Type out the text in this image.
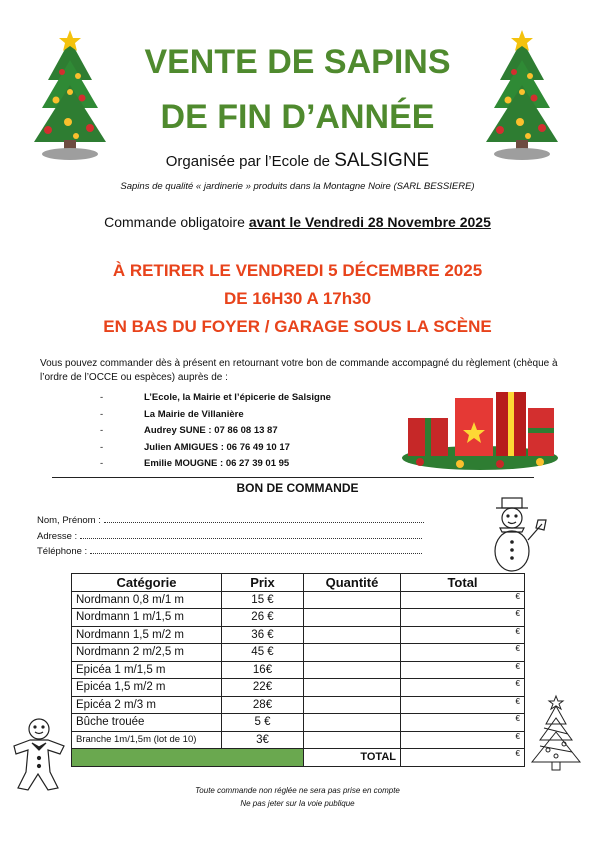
VENTE DE SAPINS
DE FIN D’ANNÉE
Organisée par l’Ecole de SALSIGNE
Sapins de qualité « jardinerie » produits dans la Montagne Noire (SARL BESSIERE)
Commande obligatoire avant le Vendredi 28 Novembre 2025
À RETIRER LE VENDREDI 5 DÉCEMBRE 2025
DE 16H30 A 17h30
EN BAS DU FOYER / GARAGE SOUS LA SCÈNE
Vous pouvez commander dès à présent en retournant votre bon de commande accompagné du règlement (chèque à l’ordre de l’OCCE ou espèces) auprès de :
-	L’Ecole, la Mairie et l’épicerie de Salsigne
-	La Mairie de Villanière
-	Audrey SUNE : 07 86 08 13 87
-	Julien AMIGUES : 06 76 49 10 17
-	Emilie MOUGNE : 06 27 39 01 95
BON DE COMMANDE
Nom, Prénom :
Adresse :
Téléphone :
Catégorie	Prix	Quantité	Total
Nordmann 0,8 m/1 m	15 €		€
Nordmann 1 m/1,5 m	26 €		€
Nordmann 1,5 m/2 m	36 €		€
Nordmann 2 m/2,5 m	45 €		€
Epicéa 1 m/1,5 m	16€		€
Epicéa 1,5 m/2 m	22€		€
Epicéa 2 m/3 m	28€		€
Bûche trouée	5 €		€
Branche 1m/1,5m (lot de 10)	3€		€
		TOTAL	€
Toute commande non réglée ne sera pas prise en compte
Ne pas jeter sur la voie publique
